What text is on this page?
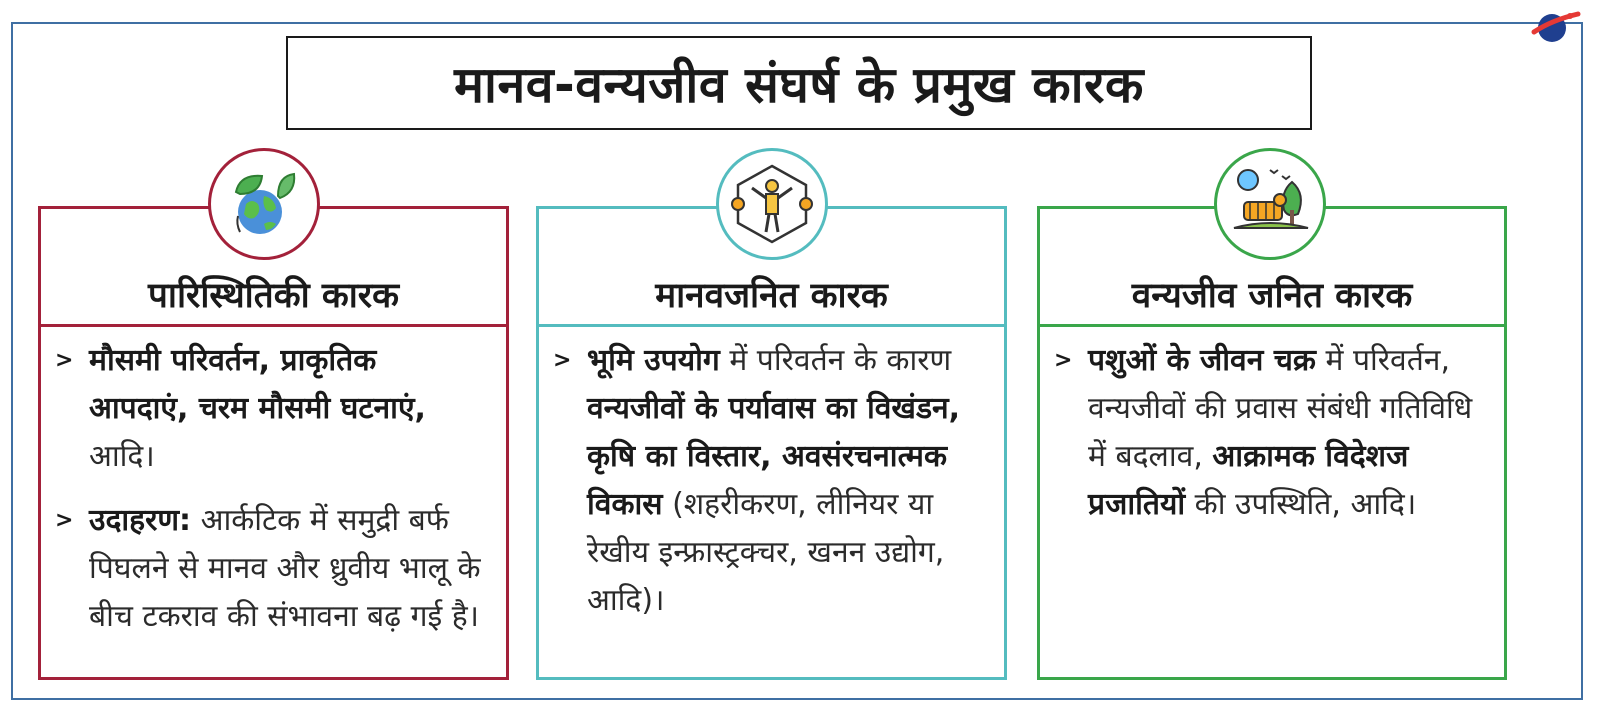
मानव-वन्यजीव संघर्ष के प्रमुख कारक
पारिस्थितिकी कारक
> मौसमी परिवर्तन, प्राकृतिक आपदाएं, चरम मौसमी घटनाएं, आदि।
> उदाहरण: आर्कटिक में समुद्री बर्फ पिघलने से मानव और ध्रुवीय भालू के बीच टकराव की संभावना बढ़ गई है।
मानवजनित कारक
> भूमि उपयोग में परिवर्तन के कारण वन्यजीवों के पर्यावास का विखंडन, कृषि का विस्तार, अवसंरचनात्मक विकास (शहरीकरण, लीनियर या रेखीय इन्फ्रास्ट्रक्चर, खनन उद्योग, आदि)।
वन्यजीव जनित कारक
> पशुओं के जीवन चक्र में परिवर्तन, वन्यजीवों की प्रवास संबंधी गतिविधि में बदलाव, आक्रामक विदेशज प्रजातियों की उपस्थिति, आदि।
